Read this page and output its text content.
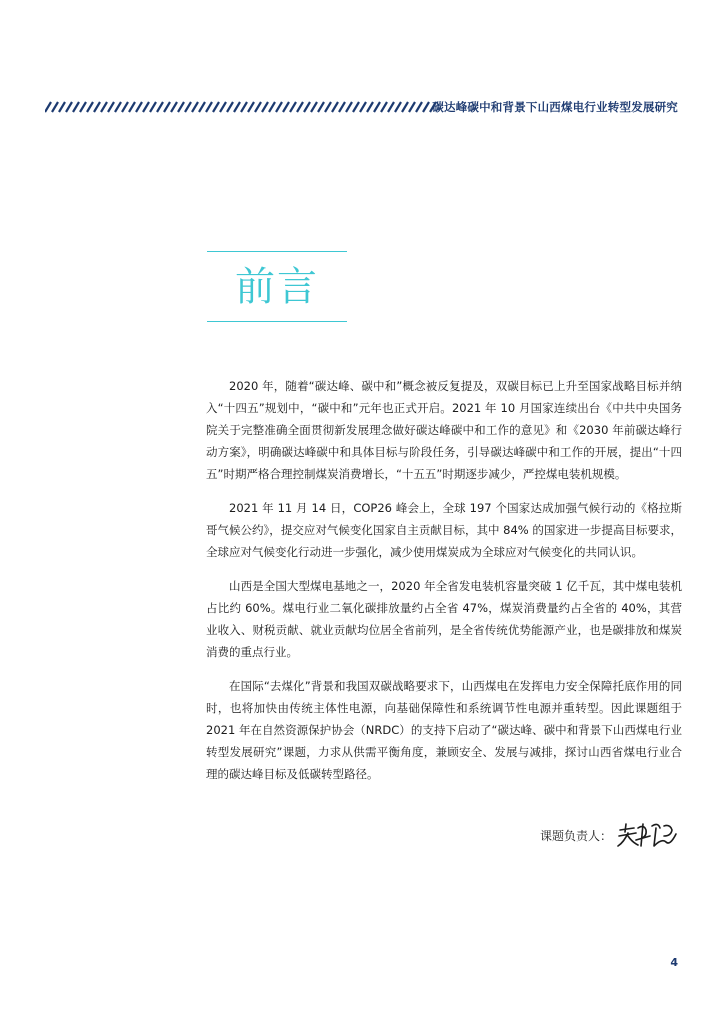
碳达峰碳中和背景下山西煤电行业转型发展研究
前言

2020 年，随着“碳达峰、碳中和”概念被反复提及，双碳目标已上升至国家战略目标并纳入“十四五”规划中，“碳中和”元年也正式开启。2021 年 10 月国家连续出台《中共中央国务院关于完整准确全面贯彻新发展理念做好碳达峰碳中和工作的意见》和《2030 年前碳达峰行动方案》，明确碳达峰碳中和具体目标与阶段任务，引导碳达峰碳中和工作的开展，提出“十四五”时期严格合理控制煤炭消费增长，“十五五”时期逐步减少，严控煤电装机规模。

2021 年 11 月 14 日，COP26 峰会上，全球 197 个国家达成加强气候行动的《格拉斯哥气候公约》，提交应对气候变化国家自主贡献目标，其中 84% 的国家进一步提高目标要求，全球应对气候变化行动进一步强化，减少使用煤炭成为全球应对气候变化的共同认识。

山西是全国大型煤电基地之一，2020 年全省发电装机容量突破 1 亿千瓦，其中煤电装机占比约 60%。煤电行业二氧化碳排放量约占全省 47%，煤炭消费量约占全省的 40%，其营业收入、财税贡献、就业贡献均位居全省前列，是全省传统优势能源产业，也是碳排放和煤炭消费的重点行业。

在国际“去煤化”背景和我国双碳战略要求下，山西煤电在发挥电力安全保障托底作用的同时，也将加快由传统主体性电源，向基础保障性和系统调节性电源并重转型。因此课题组于 2021 年在自然资源保护协会（NRDC）的支持下启动了“碳达峰、碳中和背景下山西煤电行业转型发展研究”课题，力求从供需平衡角度，兼顾安全、发展与减排，探讨山西省煤电行业合理的碳达峰目标及低碳转型路径。

课题负责人：
4
